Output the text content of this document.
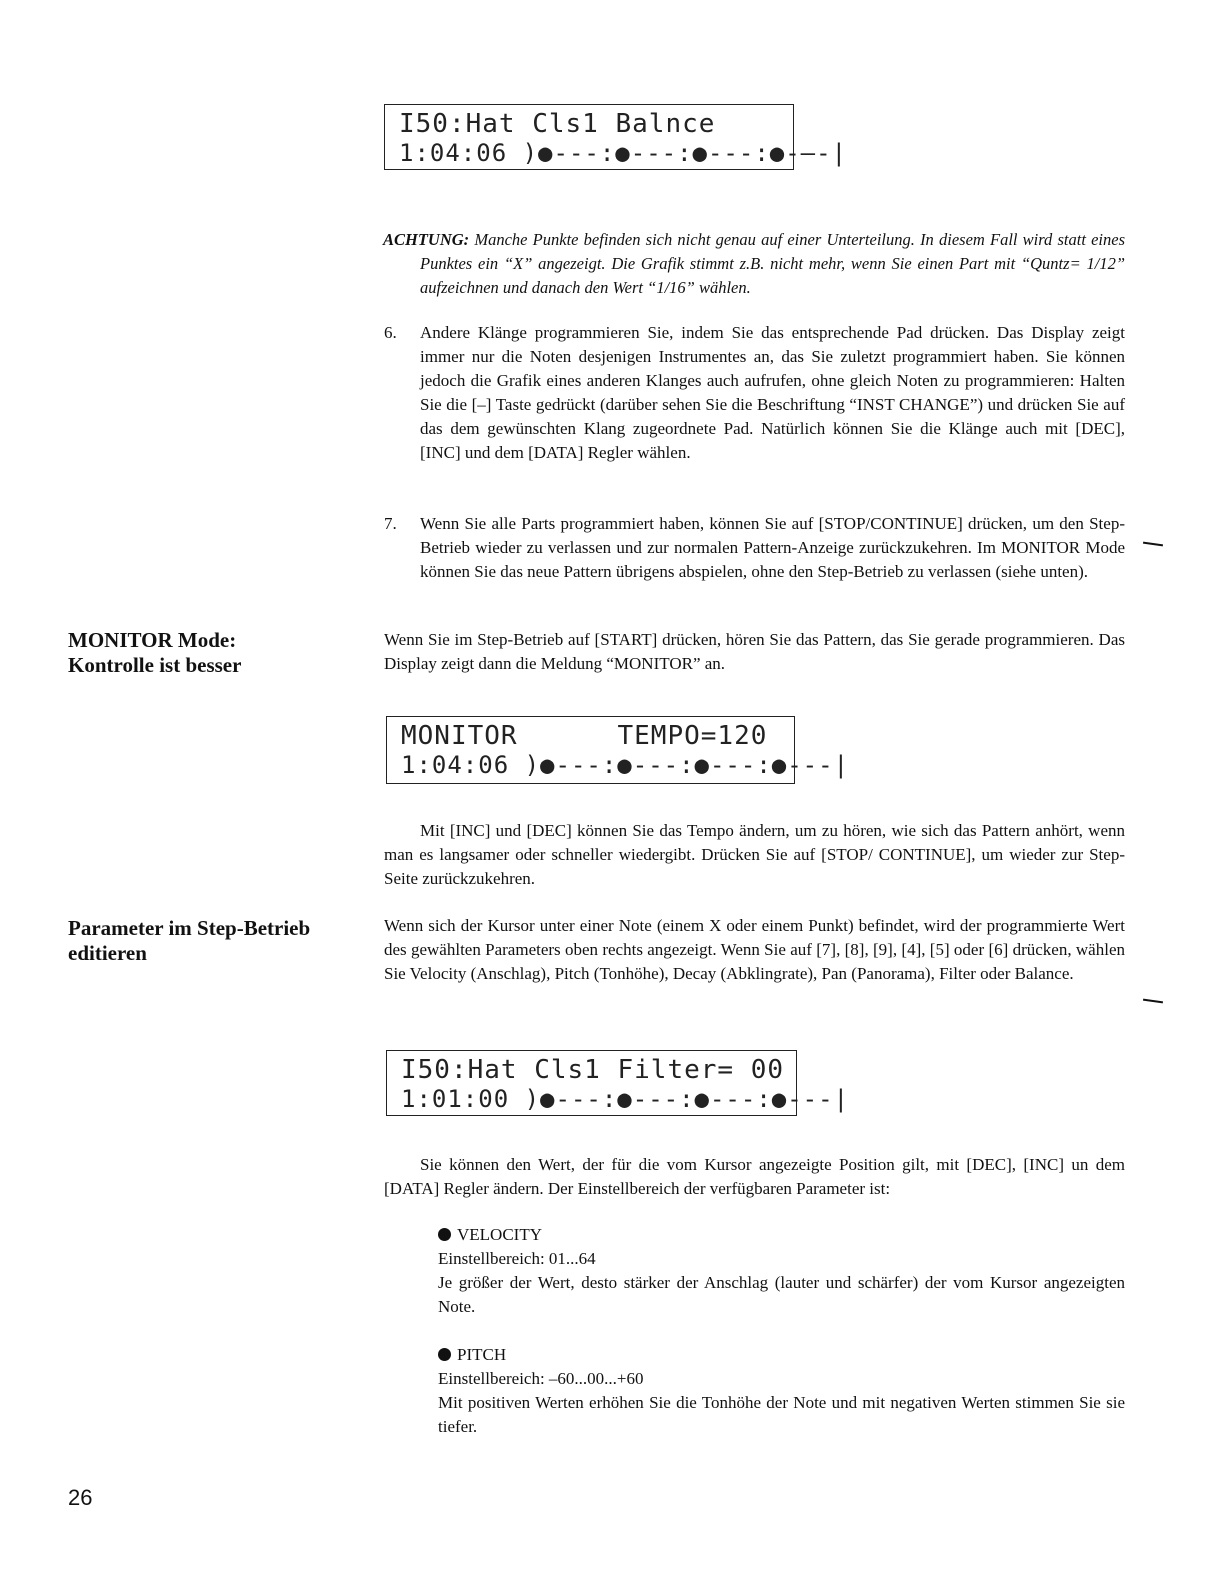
I50:Hat Cls1 Balnce
1:04:06 )●---:●---:●---:●-–-|
ACHTUNG: Manche Punkte befinden sich nicht genau auf einer Unterteilung. In diesem Fall wird statt eines Punktes ein “X” angezeigt. Die Grafik stimmt z.B. nicht mehr, wenn Sie einen Part mit “Quntz= 1/12” aufzeichnen und danach den Wert “1/16” wählen.
6.	Andere Klänge programmieren Sie, indem Sie das entsprechende Pad drücken. Das Display zeigt immer nur die Noten desjenigen Instrumentes an, das Sie zuletzt programmiert haben. Sie können jedoch die Grafik eines anderen Klanges auch aufrufen, ohne gleich Noten zu programmieren: Halten Sie die [–] Taste gedrückt (darüber sehen Sie die Beschriftung “INST CHANGE”) und drücken Sie auf das dem gewünschten Klang zugeordnete Pad. Natürlich können Sie die Klänge auch mit [DEC], [INC] und dem [DATA] Regler wählen.
7.	Wenn Sie alle Parts programmiert haben, können Sie auf [STOP/CONTINUE] drücken, um den Step-Betrieb wieder zu verlassen und zur normalen Pattern-Anzeige zurückzukehren. Im MONITOR Mode können Sie das neue Pattern übrigens abspielen, ohne den Step-Betrieb zu verlassen (siehe unten).
MONITOR Mode:
Kontrolle ist besser
Wenn Sie im Step-Betrieb auf [START] drücken, hören Sie das Pattern, das Sie gerade programmieren. Das Display zeigt dann die Meldung “MONITOR” an.
MONITOR      TEMPO=120
1:04:06 )●---:●---:●---:●---|
Mit [INC] und [DEC] können Sie das Tempo ändern, um zu hören, wie sich das Pattern anhört, wenn man es langsamer oder schneller wiedergibt. Drücken Sie auf [STOP/ CONTINUE], um wieder zur Step-Seite zurückzukehren.
Parameter im Step-Betrieb
editieren
Wenn sich der Kursor unter einer Note (einem X oder einem Punkt) befindet, wird der programmierte Wert des gewählten Parameters oben rechts angezeigt. Wenn Sie auf [7], [8], [9], [4], [5] oder [6] drücken, wählen Sie Velocity (Anschlag), Pitch (Tonhöhe), Decay (Abklingrate), Pan (Panorama), Filter oder Balance.
I50:Hat Cls1 Filter= 00
1:01:00 )●---:●---:●---:●---|
Sie können den Wert, der für die vom Kursor angezeigte Position gilt, mit [DEC], [INC] un dem [DATA] Regler ändern. Der Einstellbereich der verfügbaren Parameter ist:
VELOCITY
Einstellbereich: 01...64
Je größer der Wert, desto stärker der Anschlag (lauter und schärfer) der vom Kursor angezeigten Note.
PITCH
Einstellbereich: –60...00...+60
Mit positiven Werten erhöhen Sie die Tonhöhe der Note und mit negativen Werten stimmen Sie sie tiefer.
26
